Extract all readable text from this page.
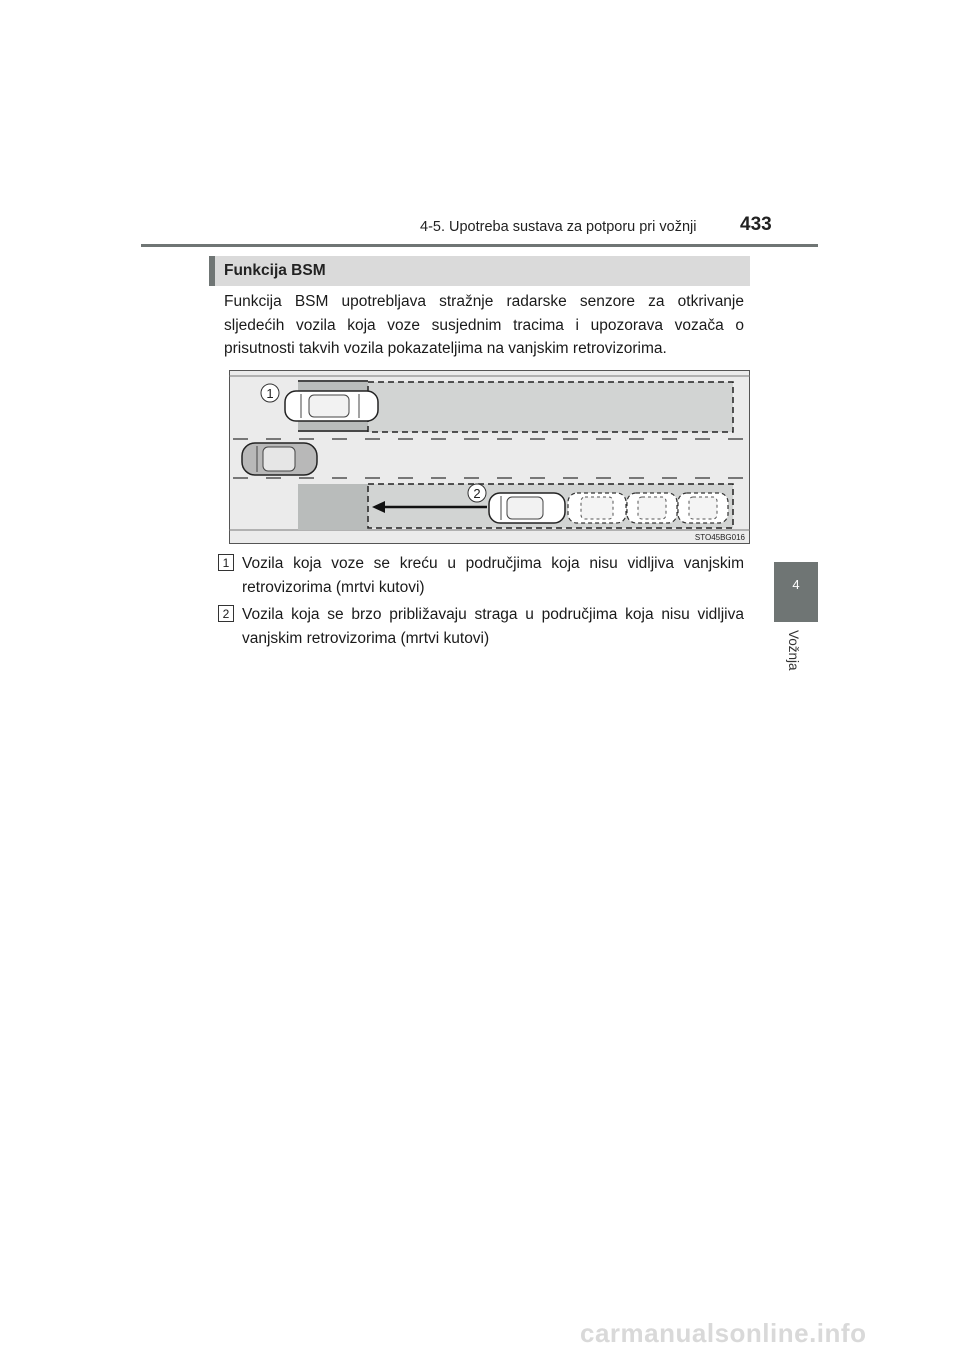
4-5. Upotreba sustava za potporu pri vožnji 433
4
Vožnja
Funkcija BSM
Funkcija BSM upotrebljava stražnje radarske senzore za otkrivanje sljedećih vozila koja voze susjednim tracima i upozorava vozača o prisutnosti takvih vozila pokazateljima na vanjskim retrovizorima.
1
2
STO45BG016
1 Vozila koja voze se kreću u područjima koja nisu vidljiva vanjskim retrovizorima (mrtvi kutovi)
2 Vozila koja se brzo približavaju straga u područjima koja nisu vidljiva vanjskim retrovizorima (mrtvi kutovi)
carmanualsonline.info
